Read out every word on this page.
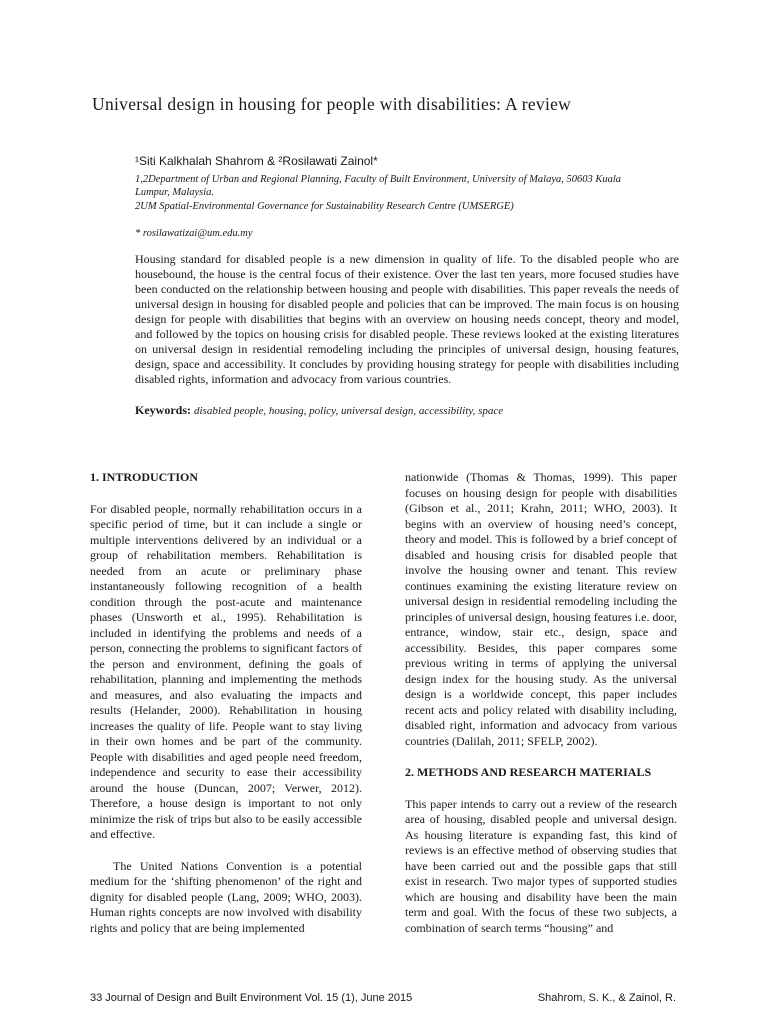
Universal design in housing for people with disabilities: A review
¹Siti Kalkhalah Shahrom & ²Rosilawati Zainol*
1,2Department of Urban and Regional Planning, Faculty of Built Environment, University of Malaya, 50603 Kuala Lumpur, Malaysia.
2UM Spatial-Environmental Governance for Sustainability Research Centre (UMSERGE)
* rosilawatizai@um.edu.my

Housing standard for disabled people is a new dimension in quality of life. To the disabled people who are housebound, the house is the central focus of their existence. Over the last ten years, more focused studies have been conducted on the relationship between housing and people with disabilities. This paper reveals the needs of universal design in housing for disabled people and policies that can be improved. The main focus is on housing design for people with disabilities that begins with an overview on housing needs concept, theory and model, and followed by the topics on housing crisis for disabled people. These reviews looked at the existing literatures on universal design in residential remodeling including the principles of universal design, housing features, design, space and accessibility. It concludes by providing housing strategy for people with disabilities including disabled rights, information and advocacy from various countries.

Keywords: disabled people, housing, policy, universal design, accessibility, space

1. INTRODUCTION

For disabled people, normally rehabilitation occurs in a specific period of time, but it can include a single or multiple interventions delivered by an individual or a group of rehabilitation members. Rehabilitation is needed from an acute or preliminary phase instantaneously following recognition of a health condition through the post-acute and maintenance phases (Unsworth et al., 1995). Rehabilitation is included in identifying the problems and needs of a person, connecting the problems to significant factors of the person and environment, defining the goals of rehabilitation, planning and implementing the methods and measures, and also evaluating the impacts and results (Helander, 2000). Rehabilitation in housing increases the quality of life. People want to stay living in their own homes and be part of the community. People with disabilities and aged people need freedom, independence and security to ease their accessibility around the house (Duncan, 2007; Verwer, 2012). Therefore, a house design is important to not only minimize the risk of trips but also to be easily accessible and effective.

The United Nations Convention is a potential medium for the ‘shifting phenomenon’ of the right and dignity for disabled people (Lang, 2009; WHO, 2003). Human rights concepts are now involved with disability rights and policy that are being implemented

nationwide (Thomas & Thomas, 1999). This paper focuses on housing design for people with disabilities (Gibson et al., 2011; Krahn, 2011; WHO, 2003). It begins with an overview of housing need’s concept, theory and model. This is followed by a brief concept of disabled and housing crisis for disabled people that involve the housing owner and tenant. This review continues examining the existing literature review on universal design in residential remodeling including the principles of universal design, housing features i.e. door, entrance, window, stair etc., design, space and accessibility. Besides, this paper compares some previous writing in terms of applying the universal design index for the housing study. As the universal design is a worldwide concept, this paper includes recent acts and policy related with disability including, disabled right, information and advocacy from various countries (Dalilah, 2011; SFELP, 2002).

2. METHODS AND RESEARCH MATERIALS

This paper intends to carry out a review of the research area of housing, disabled people and universal design. As housing literature is expanding fast, this kind of reviews is an effective method of observing studies that have been carried out and the possible gaps that still exist in research. Two major types of supported studies which are housing and disability have been the main term and goal. With the focus of these two subjects, a combination of search terms “housing” and

33 Journal of Design and Built Environment Vol. 15 (1), June 2015	Shahrom, S. K., & Zainol, R.
